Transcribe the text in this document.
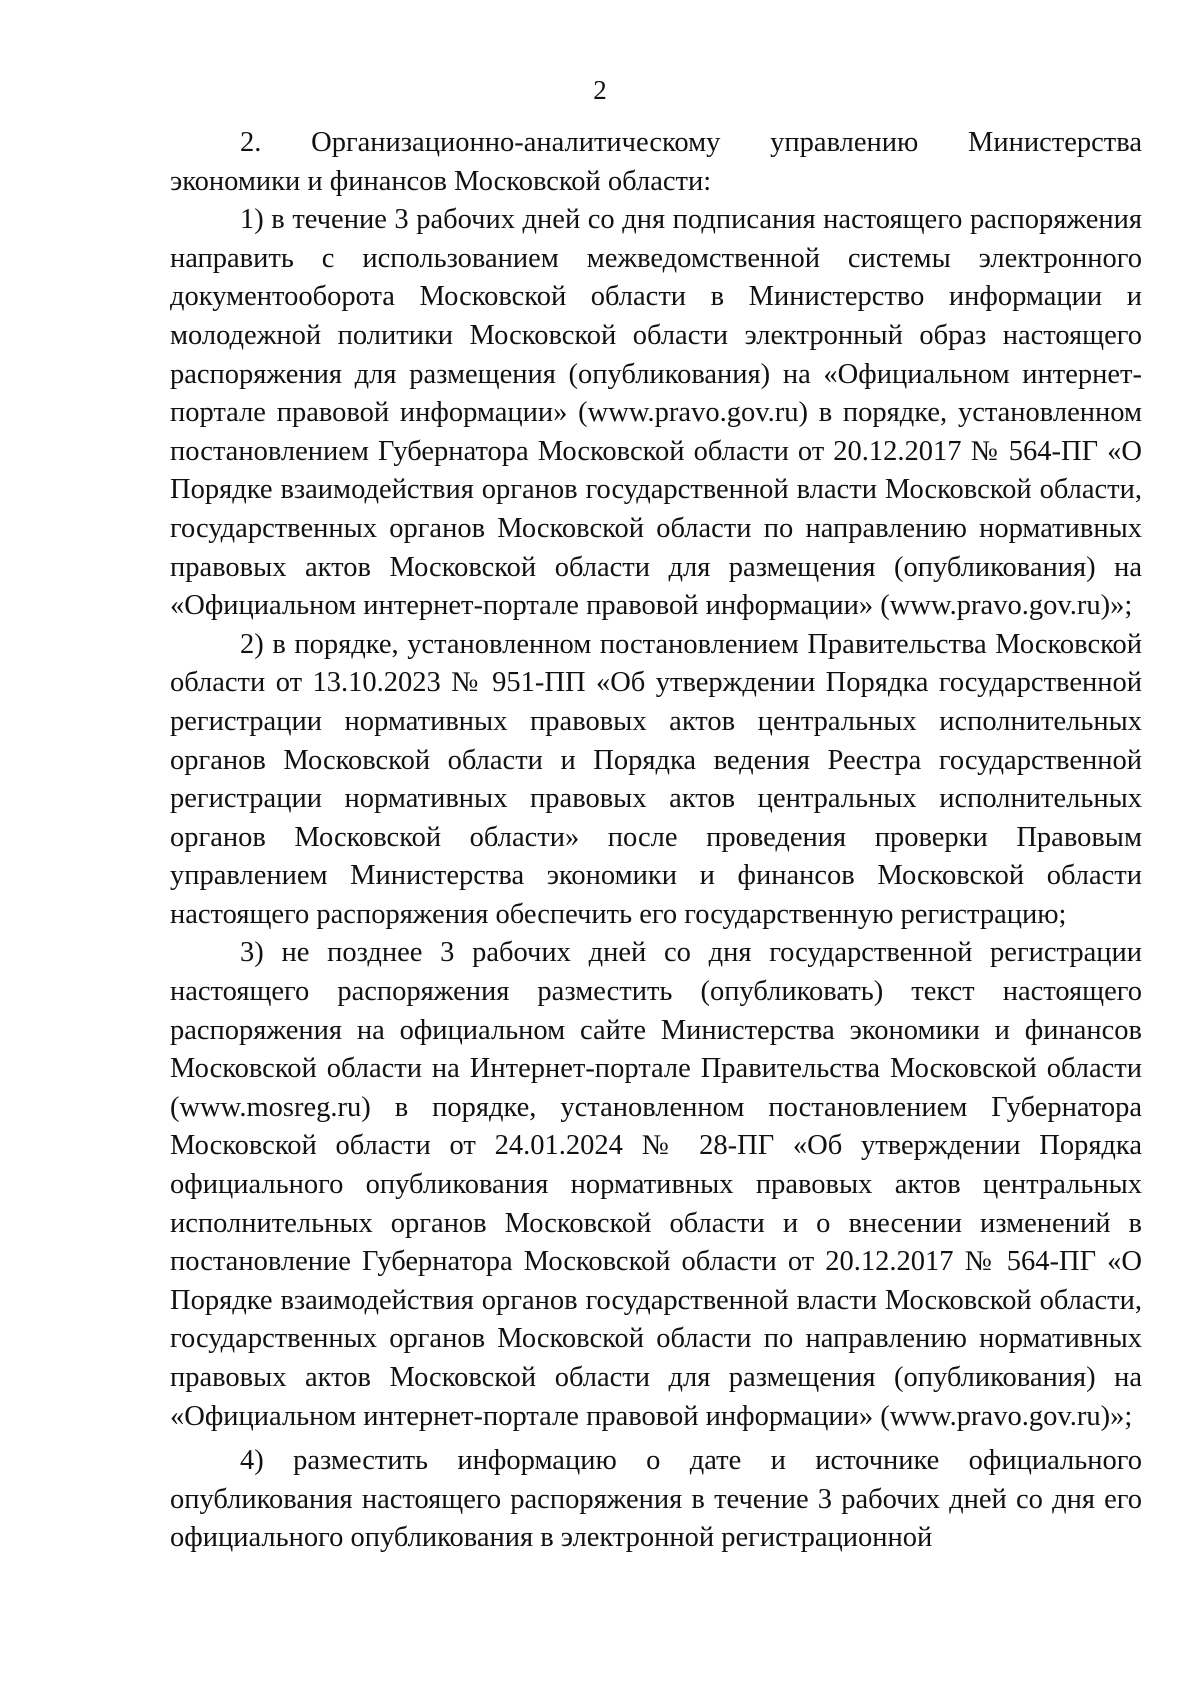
2

2. Организационно-аналитическому управлению Министерства экономики и финансов Московской области:

1) в течение 3 рабочих дней со дня подписания настоящего распоряжения направить с использованием межведомственной системы электронного документооборота Московской области в Министерство информации и молодежной политики Московской области электронный образ настоящего распоряжения для размещения (опубликования) на «Официальном интернет-портале правовой информации» (www.pravo.gov.ru) в порядке, установленном постановлением Губернатора Московской области от 20.12.2017 № 564-ПГ «О Порядке взаимодействия органов государственной власти Московской области, государственных органов Московской области по направлению нормативных правовых актов Московской области для размещения (опубликования) на «Официальном интернет-портале правовой информации» (www.pravo.gov.ru)»;

2) в порядке, установленном постановлением Правительства Московской области от 13.10.2023 № 951-ПП «Об утверждении Порядка государственной регистрации нормативных правовых актов центральных исполнительных органов Московской области и Порядка ведения Реестра государственной регистрации нормативных правовых актов центральных исполнительных органов Московской области» после проведения проверки Правовым управлением Министерства экономики и финансов Московской области настоящего распоряжения обеспечить его государственную регистрацию;

3) не позднее 3 рабочих дней со дня государственной регистрации настоящего распоряжения разместить (опубликовать) текст настоящего распоряжения на официальном сайте Министерства экономики и финансов Московской области на Интернет-портале Правительства Московской области (www.mosreg.ru) в порядке, установленном постановлением Губернатора Московской области от 24.01.2024 № 28-ПГ «Об утверждении Порядка официального опубликования нормативных правовых актов центральных исполнительных органов Московской области и о внесении изменений в постановление Губернатора Московской области от 20.12.2017 № 564-ПГ «О Порядке взаимодействия органов государственной власти Московской области, государственных органов Московской области по направлению нормативных правовых актов Московской области для размещения (опубликования) на «Официальном интернет-портале правовой информации» (www.pravo.gov.ru)»;

4) разместить информацию о дате и источнике официального опубликования настоящего распоряжения в течение 3 рабочих дней со дня его официального опубликования в электронной регистрационной
